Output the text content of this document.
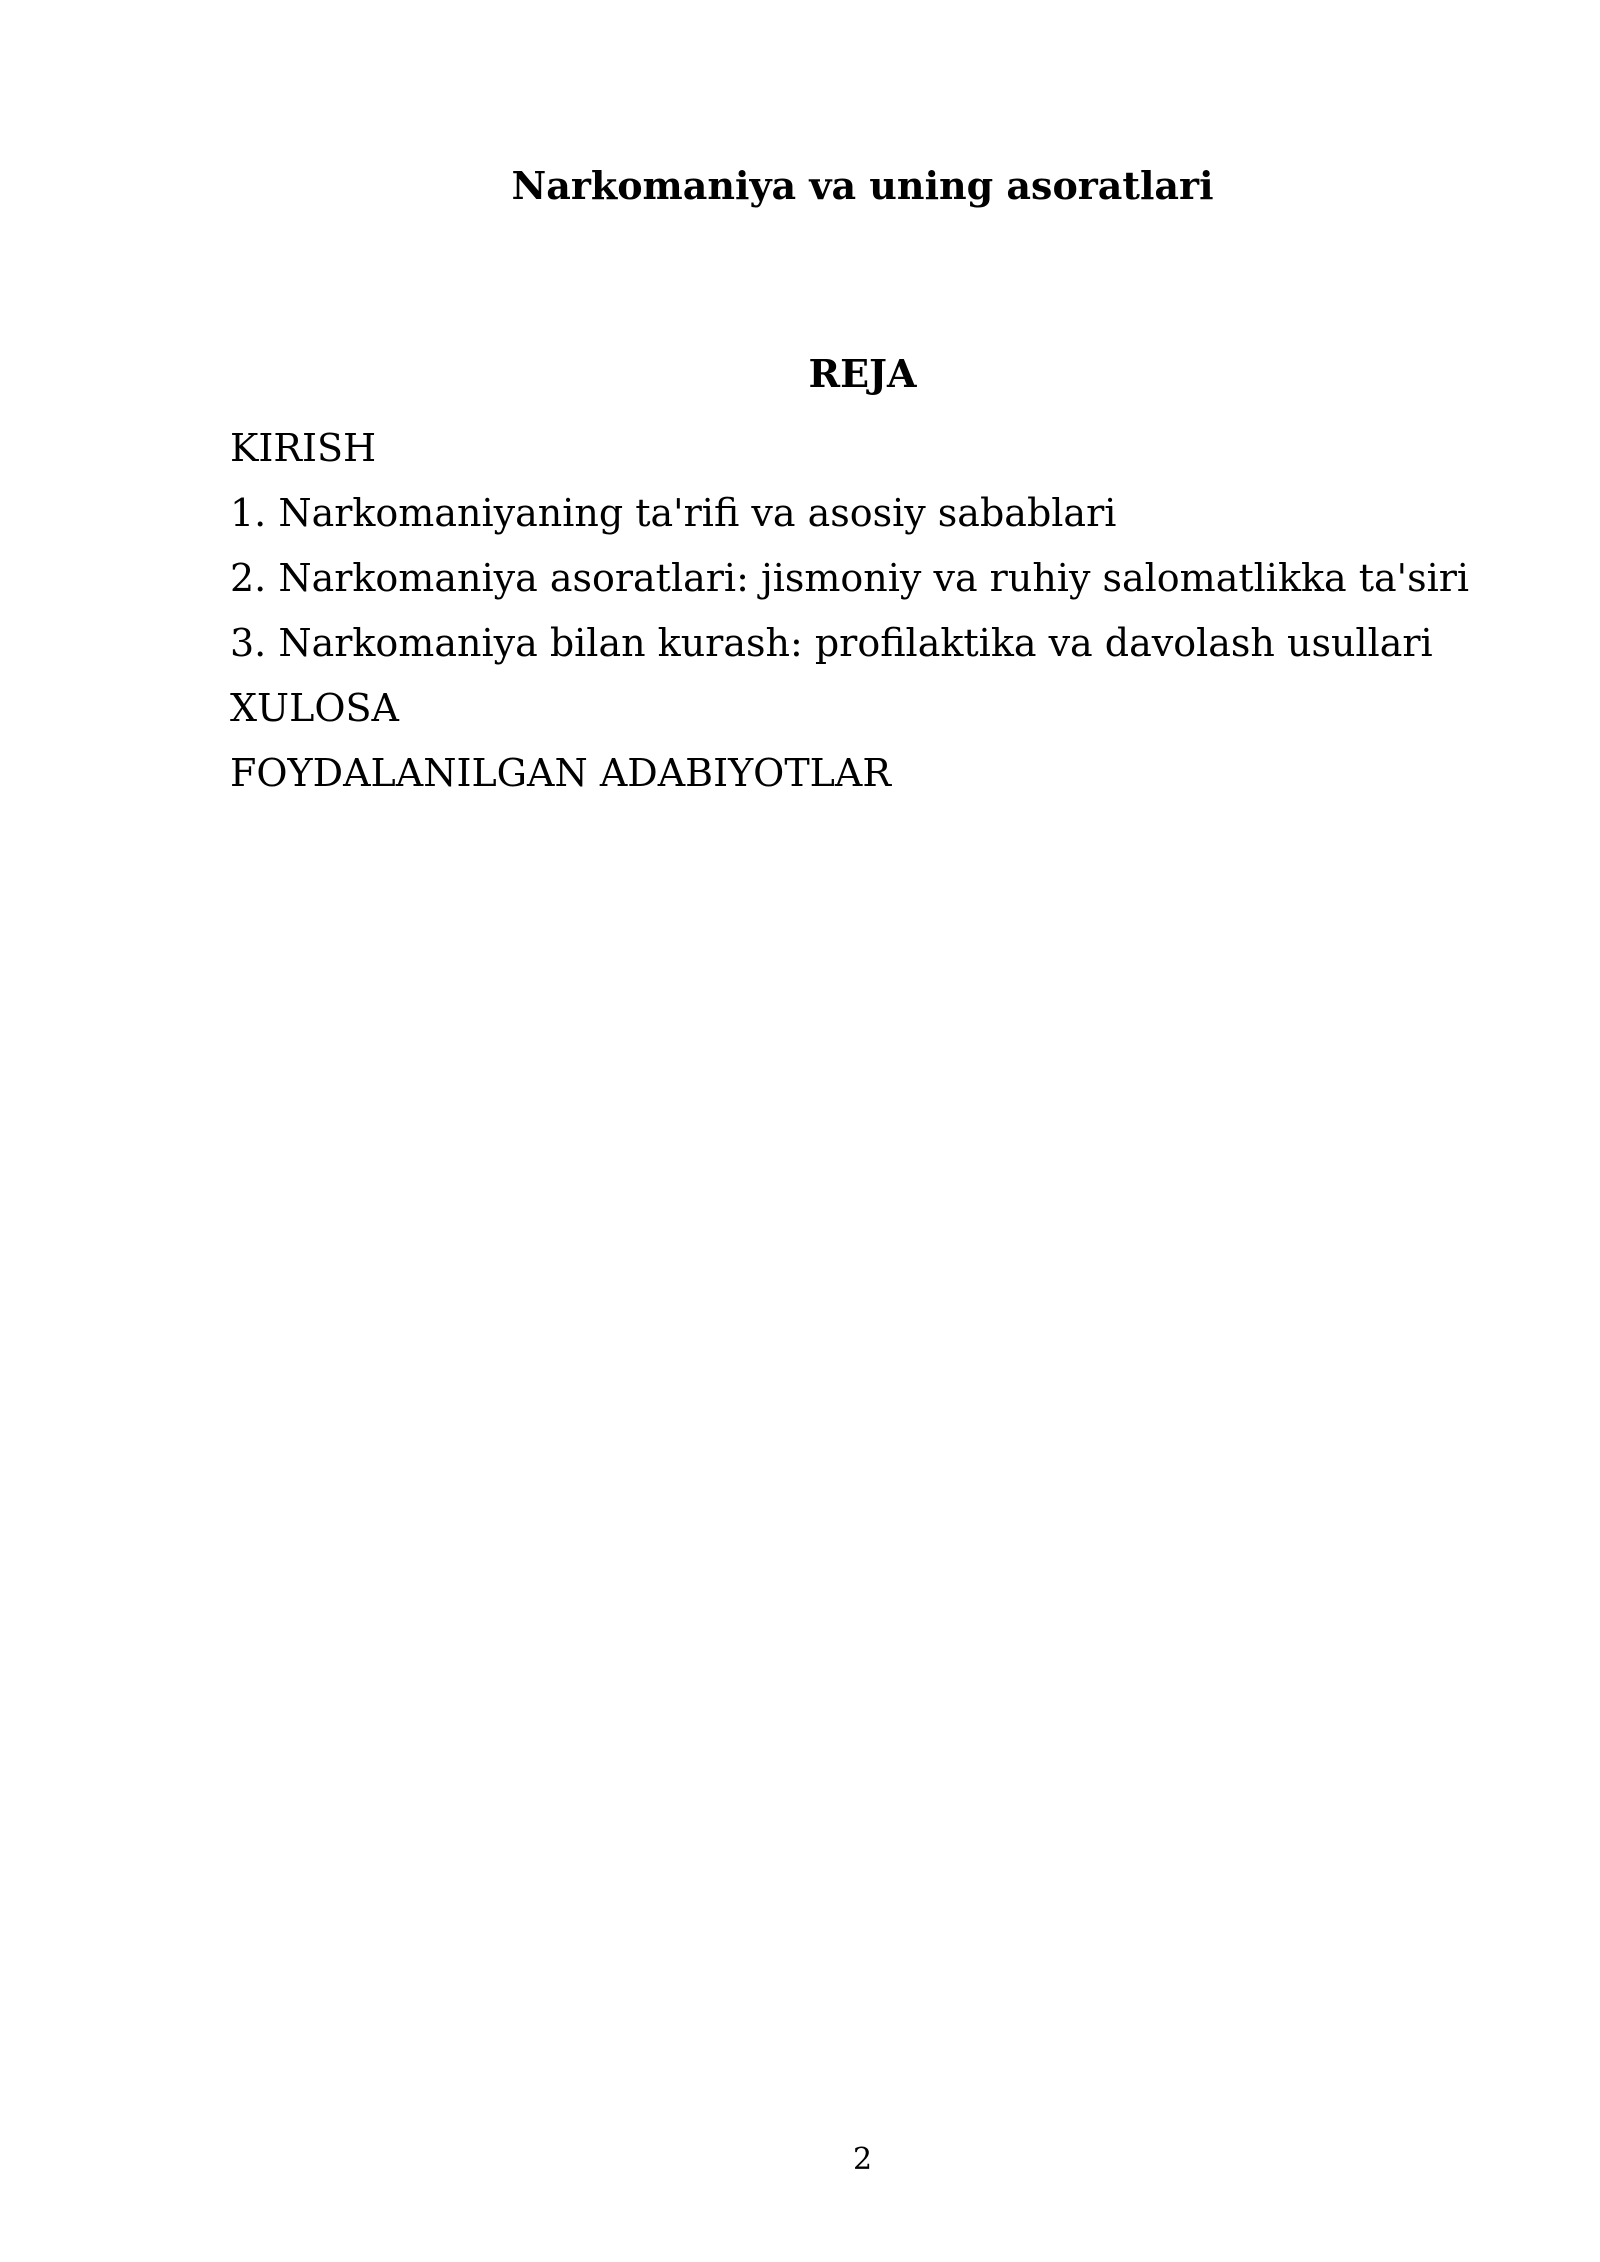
Narkomaniya va uning asoratlari
REJA
KIRISH
1. Narkomaniyaning ta'rifi va asosiy sabablari
2. Narkomaniya asoratlari: jismoniy va ruhiy salomatlikka ta'siri
3. Narkomaniya bilan kurash: profilaktika va davolash usullari
XULOSA
FOYDALANILGAN ADABIYOTLAR
2
